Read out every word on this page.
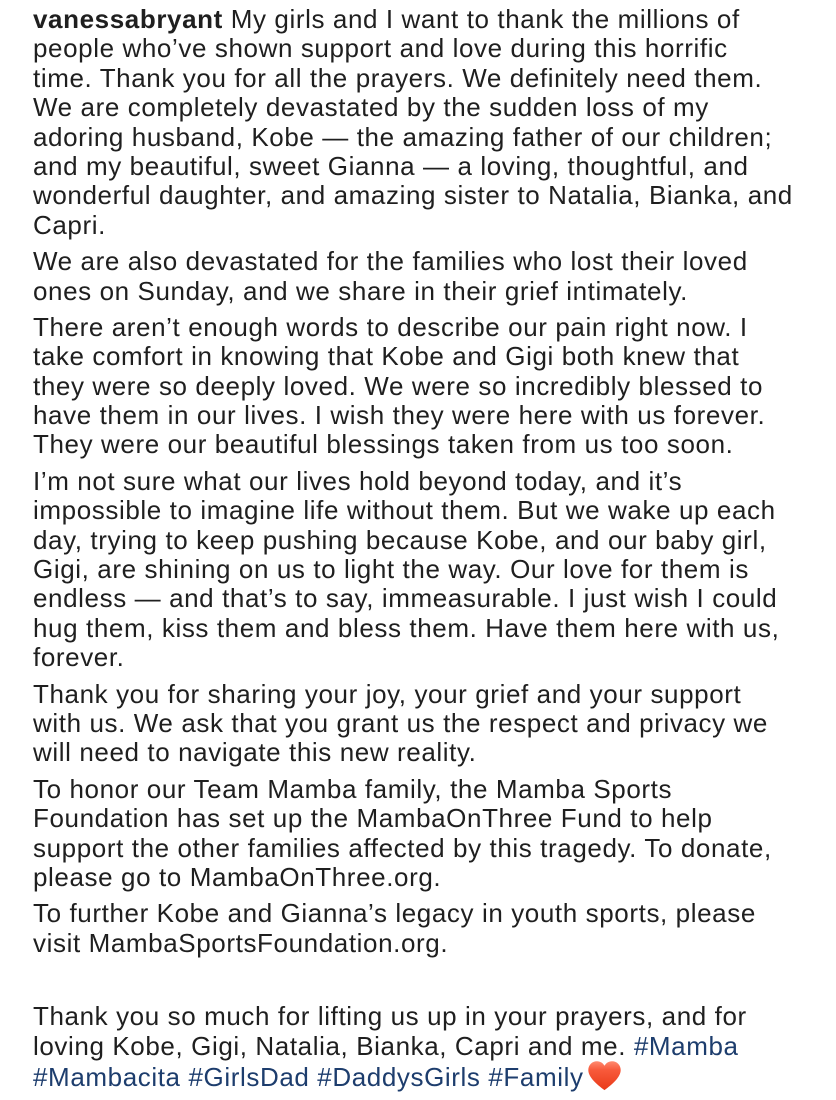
vanessabryant My girls and I want to thank the millions of
people who’ve shown support and love during this horrific
time. Thank you for all the prayers. We definitely need them.
We are completely devastated by the sudden loss of my
adoring husband, Kobe — the amazing father of our children;
and my beautiful, sweet Gianna — a loving, thoughtful, and
wonderful daughter, and amazing sister to Natalia, Bianka, and
Capri.
We are also devastated for the families who lost their loved
ones on Sunday, and we share in their grief intimately.
There aren’t enough words to describe our pain right now. I
take comfort in knowing that Kobe and Gigi both knew that
they were so deeply loved. We were so incredibly blessed to
have them in our lives. I wish they were here with us forever.
They were our beautiful blessings taken from us too soon.
I’m not sure what our lives hold beyond today, and it’s
impossible to imagine life without them. But we wake up each
day, trying to keep pushing because Kobe, and our baby girl,
Gigi, are shining on us to light the way. Our love for them is
endless — and that’s to say, immeasurable. I just wish I could
hug them, kiss them and bless them. Have them here with us,
forever.
Thank you for sharing your joy, your grief and your support
with us. We ask that you grant us the respect and privacy we
will need to navigate this new reality.
To honor our Team Mamba family, the Mamba Sports
Foundation has set up the MambaOnThree Fund to help
support the other families affected by this tragedy. To donate,
please go to MambaOnThree.org.
To further Kobe and Gianna’s legacy in youth sports, please
visit MambaSportsFoundation.org.
Thank you so much for lifting us up in your prayers, and for
loving Kobe, Gigi, Natalia, Bianka, Capri and me. #Mamba
#Mambacita #GirlsDad #DaddysGirls #Family
